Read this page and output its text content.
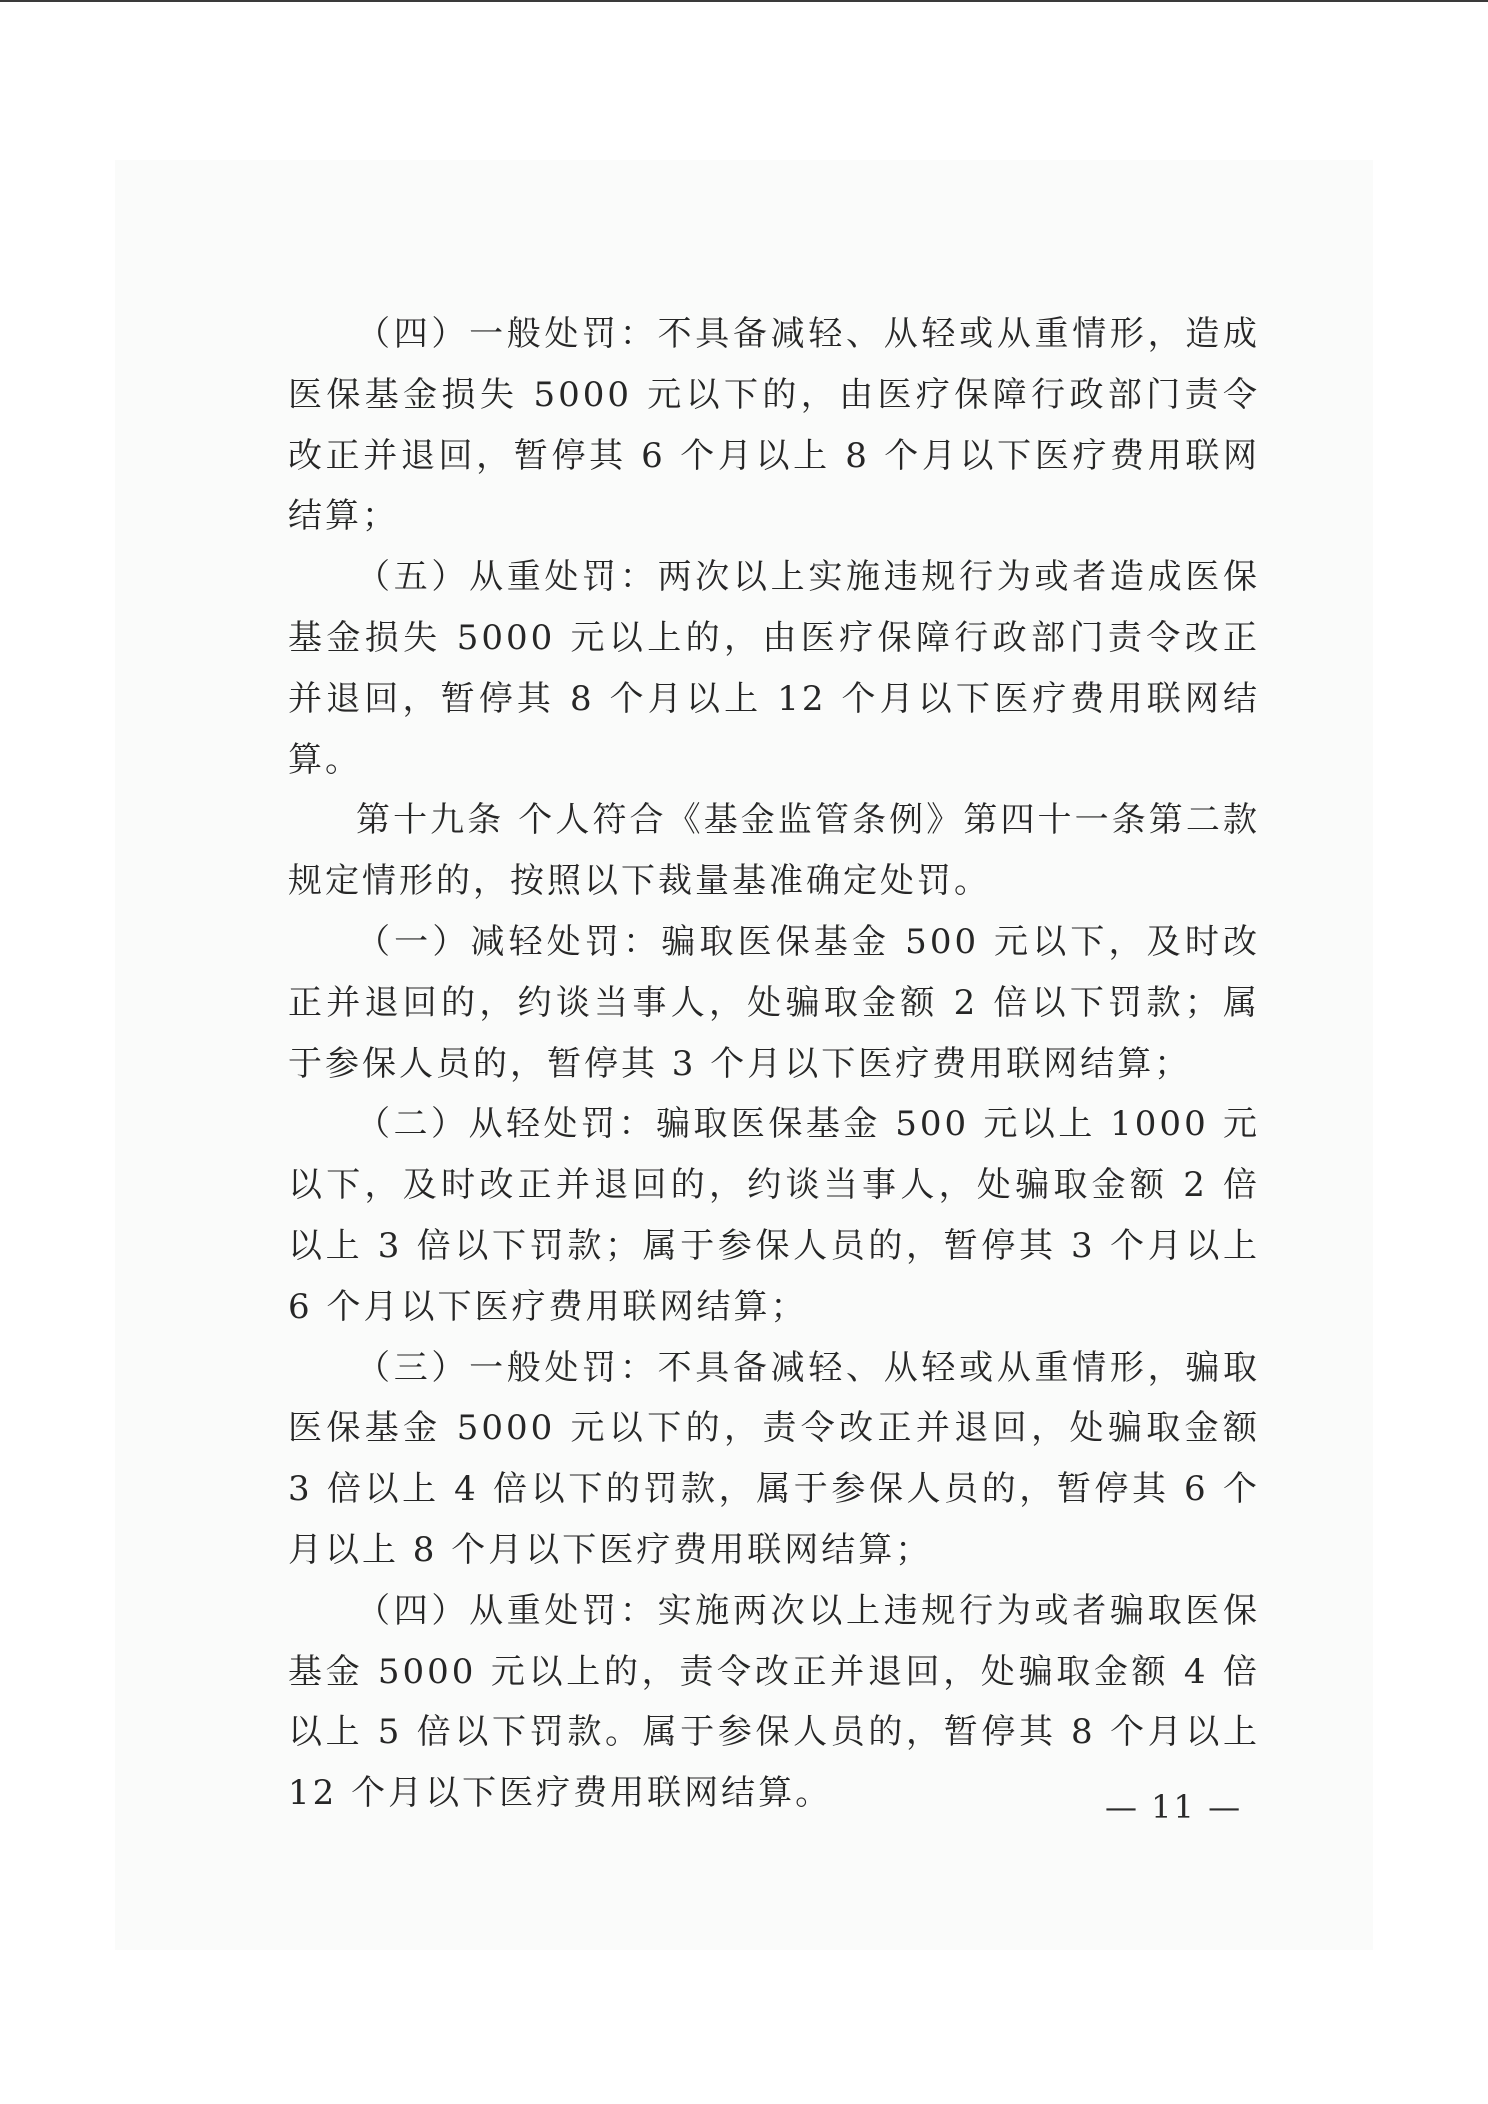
（四）一般处罚：不具备减轻、从轻或从重情形，造成医保基金损失 5000 元以下的，由医疗保障行政部门责令改正并退回，暂停其 6 个月以上 8 个月以下医疗费用联网结算；

（五）从重处罚：两次以上实施违规行为或者造成医保基金损失 5000 元以上的，由医疗保障行政部门责令改正并退回，暂停其 8 个月以上 12 个月以下医疗费用联网结算。

第十九条 个人符合《基金监管条例》第四十一条第二款规定情形的，按照以下裁量基准确定处罚。

（一）减轻处罚：骗取医保基金 500 元以下，及时改正并退回的，约谈当事人，处骗取金额 2 倍以下罚款；属于参保人员的，暂停其 3 个月以下医疗费用联网结算；

（二）从轻处罚：骗取医保基金 500 元以上 1000 元以下，及时改正并退回的，约谈当事人，处骗取金额 2 倍以上 3 倍以下罚款；属于参保人员的，暂停其 3 个月以上 6 个月以下医疗费用联网结算；

（三）一般处罚：不具备减轻、从轻或从重情形，骗取医保基金 5000 元以下的，责令改正并退回，处骗取金额 3 倍以上 4 倍以下的罚款，属于参保人员的，暂停其 6 个月以上 8 个月以下医疗费用联网结算；

（四）从重处罚：实施两次以上违规行为或者骗取医保基金 5000 元以上的，责令改正并退回，处骗取金额 4 倍以上 5 倍以下罚款。属于参保人员的，暂停其 8 个月以上 12 个月以下医疗费用联网结算。	— 11 —
